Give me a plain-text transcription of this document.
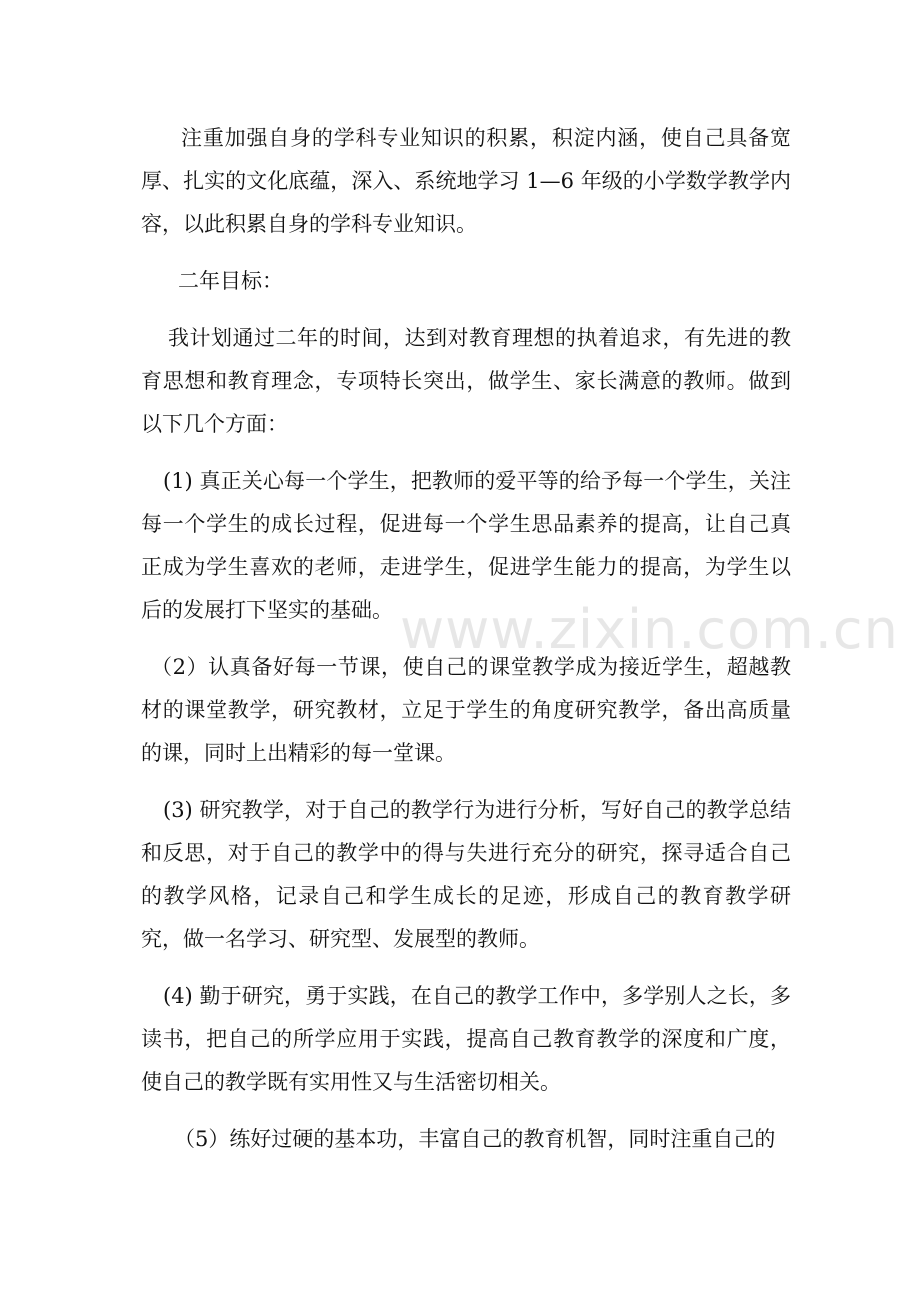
注重加强自身的学科专业知识的积累，积淀内涵，使自己具备宽厚、扎实的文化底蕴，深入、系统地学习 1—6 年级的小学数学教学内容，以此积累自身的学科专业知识。

二年目标：

我计划通过二年的时间，达到对教育理想的执着追求，有先进的教育思想和教育理念，专项特长突出，做学生、家长满意的教师。做到以下几个方面：

(1) 真正关心每一个学生，把教师的爱平等的给予每一个学生，关注每一个学生的成长过程，促进每一个学生思品素养的提高，让自己真正成为学生喜欢的老师，走进学生，促进学生能力的提高，为学生以后的发展打下坚实的基础。

（2）认真备好每一节课，使自己的课堂教学成为接近学生，超越教材的课堂教学，研究教材，立足于学生的角度研究教学，备出高质量的课，同时上出精彩的每一堂课。

(3) 研究教学，对于自己的教学行为进行分析，写好自己的教学总结和反思，对于自己的教学中的得与失进行充分的研究，探寻适合自己的教学风格，记录自己和学生成长的足迹，形成自己的教育教学研究，做一名学习、研究型、发展型的教师。

(4) 勤于研究，勇于实践，在自己的教学工作中，多学别人之长，多读书，把自己的所学应用于实践，提高自己教育教学的深度和广度，使自己的教学既有实用性又与生活密切相关。

（5）练好过硬的基本功，丰富自己的教育机智，同时注重自己的

www.zixin.com.cn
